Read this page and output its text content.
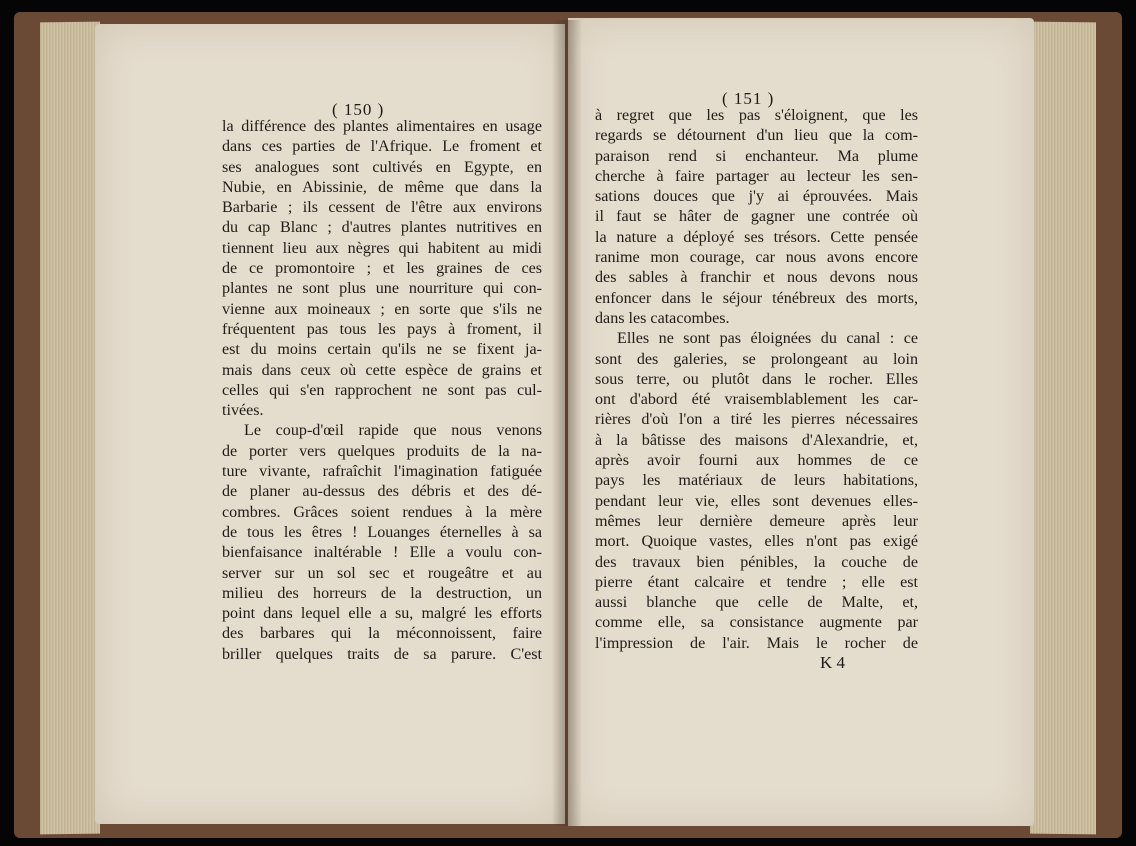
( 150 )
( 151 )
la différence des plantes alimentaires en usage
dans ces parties de l'Afrique. Le froment et
ses analogues sont cultivés en Egypte, en
Nubie, en Abissinie, de même que dans la
Barbarie ; ils cessent de l'être aux environs
du cap Blanc ; d'autres plantes nutritives en
tiennent lieu aux nègres qui habitent au midi
de ce promontoire ; et les graines de ces
plantes ne sont plus une nourriture qui con-
vienne aux moineaux ; en sorte que s'ils ne
fréquentent pas tous les pays à froment, il
est du moins certain qu'ils ne se fixent ja-
mais dans ceux où cette espèce de grains et
celles qui s'en rapprochent ne sont pas cul-
tivées.
Le coup-d'œil rapide que nous venons
de porter vers quelques produits de la na-
ture vivante, rafraîchit l'imagination fatiguée
de planer au-dessus des débris et des dé-
combres. Grâces soient rendues à la mère
de tous les êtres ! Louanges éternelles à sa
bienfaisance inaltérable ! Elle a voulu con-
server sur un sol sec et rougeâtre et au
milieu des horreurs de la destruction, un
point dans lequel elle a su, malgré les efforts
des barbares qui la méconnoissent, faire
briller quelques traits de sa parure. C'est
à regret que les pas s'éloignent, que les
regards se détournent d'un lieu que la com-
paraison rend si enchanteur. Ma plume
cherche à faire partager au lecteur les sen-
sations douces que j'y ai éprouvées. Mais
il faut se hâter de gagner une contrée où
la nature a déployé ses trésors. Cette pensée
ranime mon courage, car nous avons encore
des sables à franchir et nous devons nous
enfoncer dans le séjour ténébreux des morts,
dans les catacombes.
Elles ne sont pas éloignées du canal : ce
sont des galeries, se prolongeant au loin
sous terre, ou plutôt dans le rocher. Elles
ont d'abord été vraisemblablement les car-
rières d'où l'on a tiré les pierres nécessaires
à la bâtisse des maisons d'Alexandrie, et,
après avoir fourni aux hommes de ce
pays les matériaux de leurs habitations,
pendant leur vie, elles sont devenues elles-
mêmes leur dernière demeure après leur
mort. Quoique vastes, elles n'ont pas exigé
des travaux bien pénibles, la couche de
pierre étant calcaire et tendre ; elle est
aussi blanche que celle de Malte, et,
comme elle, sa consistance augmente par
l'impression de l'air. Mais le rocher de
K 4
